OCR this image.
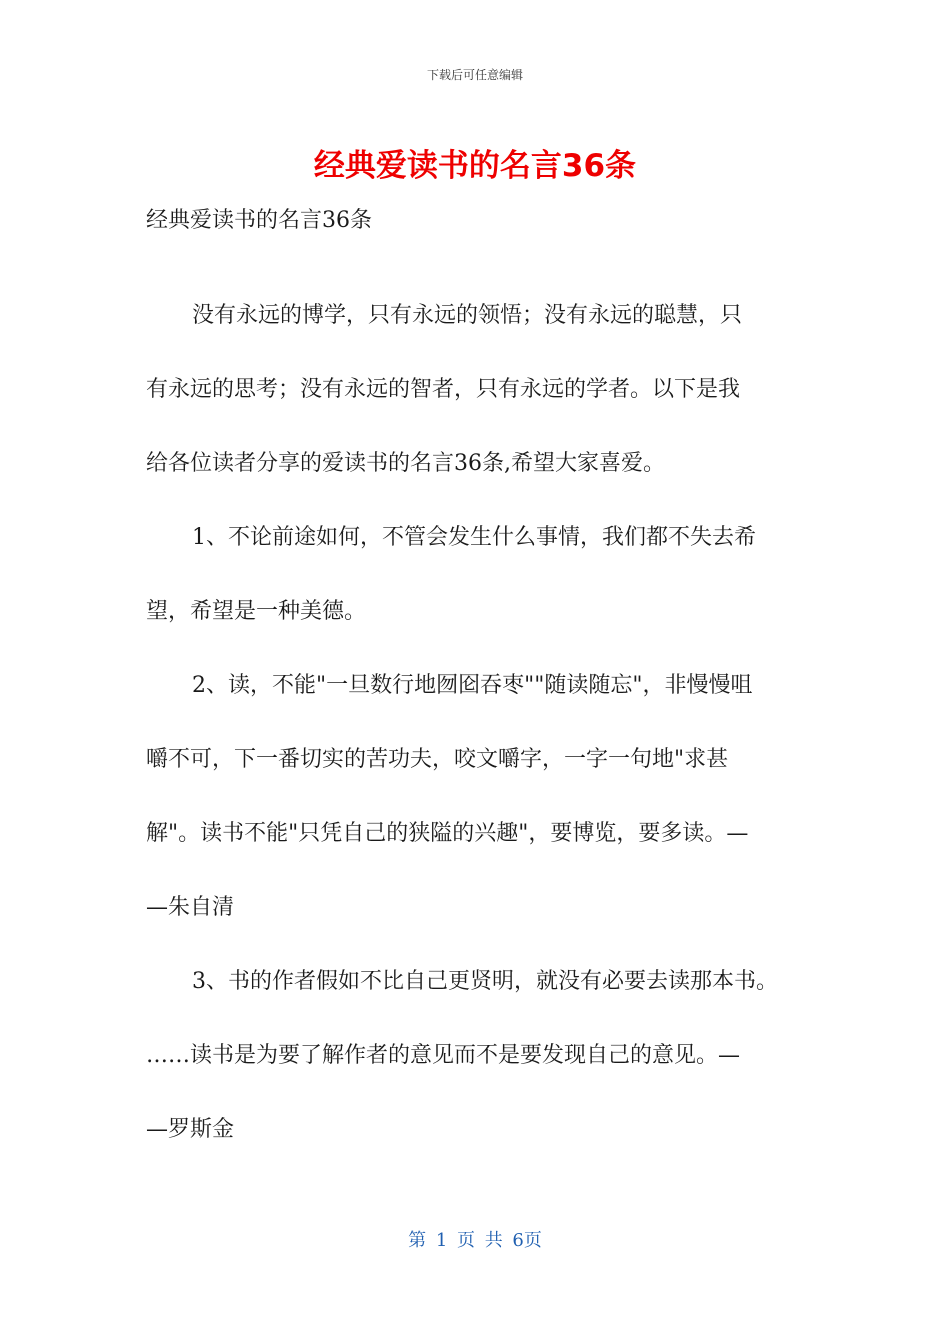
下载后可任意编辑
经典爱读书的名言36条
经典爱读书的名言36条
没有永远的博学，只有永远的领悟；没有永远的聪慧，只
有永远的思考；没有永远的智者，只有永远的学者。以下是我
给各位读者分享的爱读书的名言36条,希望大家喜爱。
1、不论前途如何，不管会发生什么事情，我们都不失去希
望，希望是一种美德。
2、读，不能"一旦数行地囫囵吞枣""随读随忘"，非慢慢咀
嚼不可，下一番切实的苦功夫，咬文嚼字，一字一句地"求甚
解"。读书不能"只凭自己的狭隘的兴趣"，要博览，要多读。—
—朱自清
3、书的作者假如不比自己更贤明，就没有必要去读那本书。
……读书是为要了解作者的意见而不是要发现自己的意见。—
—罗斯金
第 1 页 共 6页
